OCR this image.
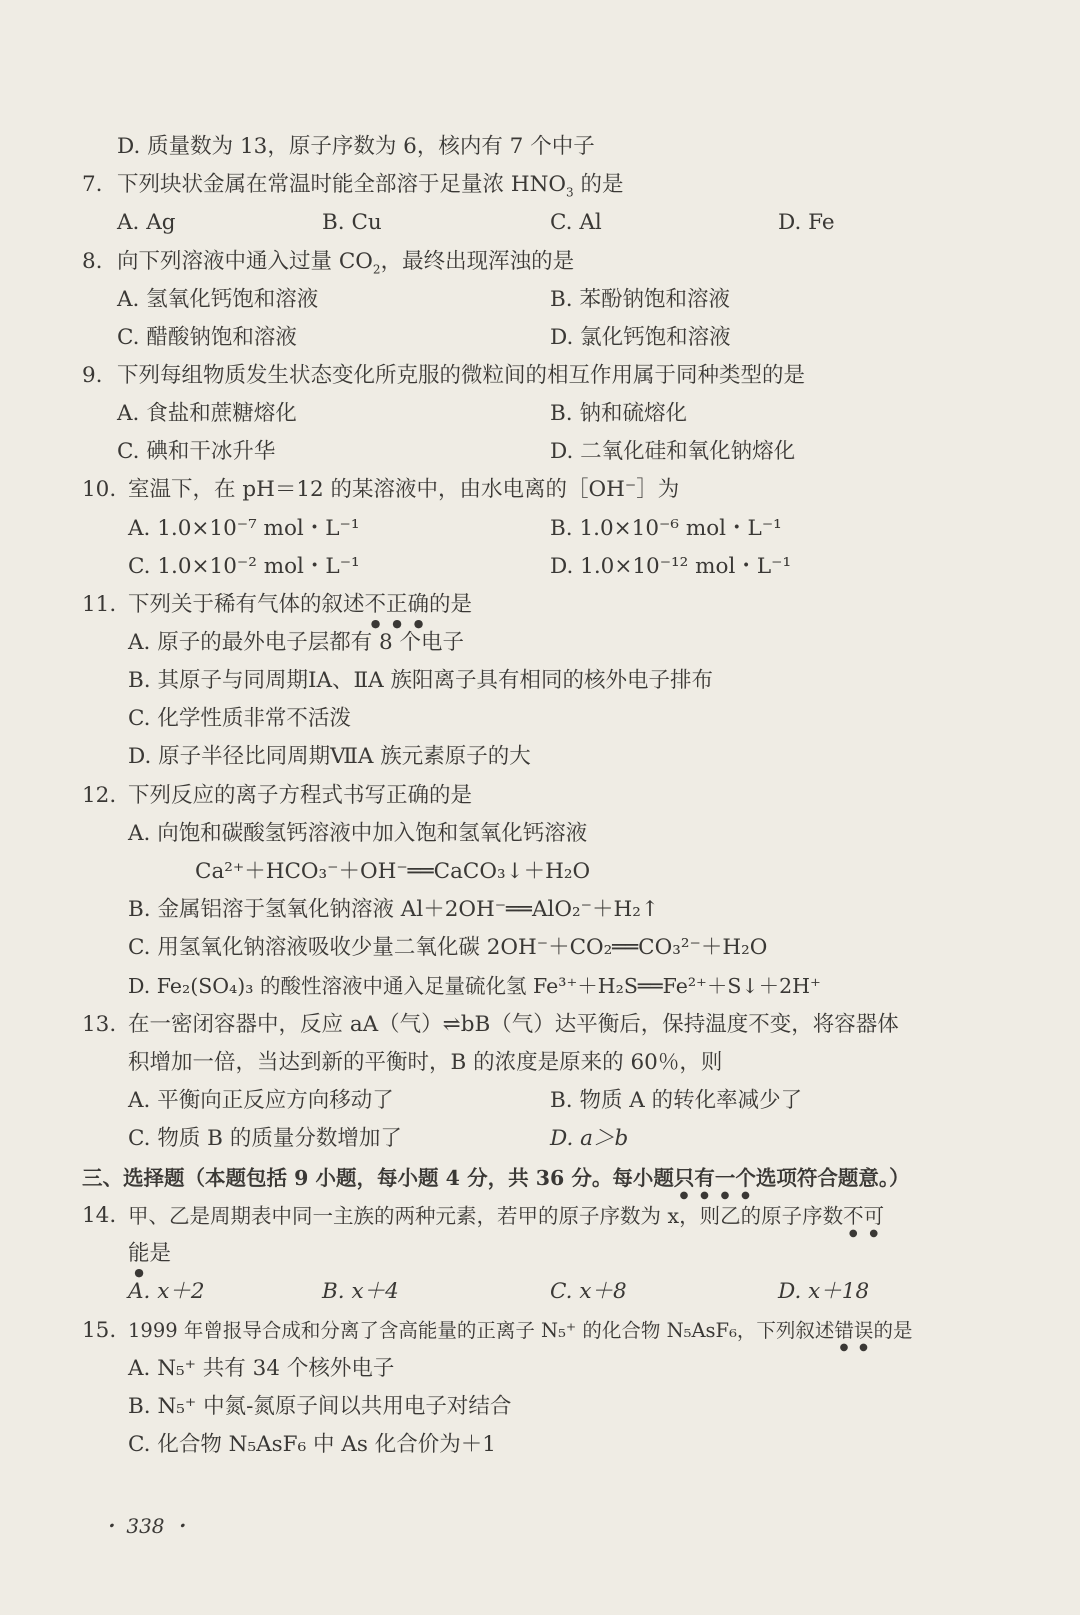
D. 质量数为 13，原子序数为 6，核内有 7 个中子
7. 下列块状金属在常温时能全部溶于足量浓 $HNO_3$ 的是
A. Ag	B. Cu	C. Al	D. Fe
8. 向下列溶液中通入过量 $CO_2$，最终出现浑浊的是
A. 氢氧化钙饱和溶液	B. 苯酚钠饱和溶液
C. 醋酸钠饱和溶液	D. 氯化钙饱和溶液
9. 下列每组物质发生状态变化所克服的微粒间的相互作用属于同种类型的是
A. 食盐和蔗糖熔化	B. 钠和硫熔化
C. 碘和干冰升华	D. 二氧化硅和氧化钠熔化
10. 室温下，在 pH＝12 的某溶液中，由水电离的［OH⁻］为
A. 1.0×10⁻⁷ mol・L⁻¹	B. 1.0×10⁻⁶ mol・L⁻¹
C. 1.0×10⁻² mol・L⁻¹	D. 1.0×10⁻¹² mol・L⁻¹
11. 下列关于稀有气体的叙述不正确的是
A. 原子的最外电子层都有 8 个电子
B. 其原子与同周期ⅠA、ⅡA 族阳离子具有相同的核外电子排布
C. 化学性质非常不活泼
D. 原子半径比同周期ⅦA 族元素原子的大
12. 下列反应的离子方程式书写正确的是
A. 向饱和碳酸氢钙溶液中加入饱和氢氧化钙溶液
Ca²⁺＋HCO₃⁻＋OH⁻══CaCO₃↓＋H₂O
B. 金属铝溶于氢氧化钠溶液 Al＋2OH⁻══AlO₂⁻＋H₂↑
C. 用氢氧化钠溶液吸收少量二氧化碳 2OH⁻＋CO₂══CO₃²⁻＋H₂O
D. Fe₂(SO₄)₃ 的酸性溶液中通入足量硫化氢 Fe³⁺＋H₂S══Fe²⁺＋S↓＋2H⁺
13. 在一密闭容器中，反应 aA（气）⇌bB（气）达平衡后，保持温度不变，将容器体
积增加一倍，当达到新的平衡时，B 的浓度是原来的 60％，则
A. 平衡向正反应方向移动了	B. 物质 A 的转化率减少了
C. 物质 B 的质量分数增加了	D. a＞b
三、选择题（本题包括 9 小题，每小题 4 分，共 36 分。每小题只有一个选项符合题意。）
14. 甲、乙是周期表中同一主族的两种元素，若甲的原子序数为 x，则乙的原子序数不可
能是
A. x＋2	B. x＋4	C. x＋8	D. x＋18
15. 1999 年曾报导合成和分离了含高能量的正离子 N₅⁺ 的化合物 N₅AsF₆，下列叙述错误的是
A. N₅⁺ 共有 34 个核外电子
B. N₅⁺ 中氮-氮原子间以共用电子对结合
C. 化合物 N₅AsF₆ 中 As 化合价为＋1
・ 338 ・
